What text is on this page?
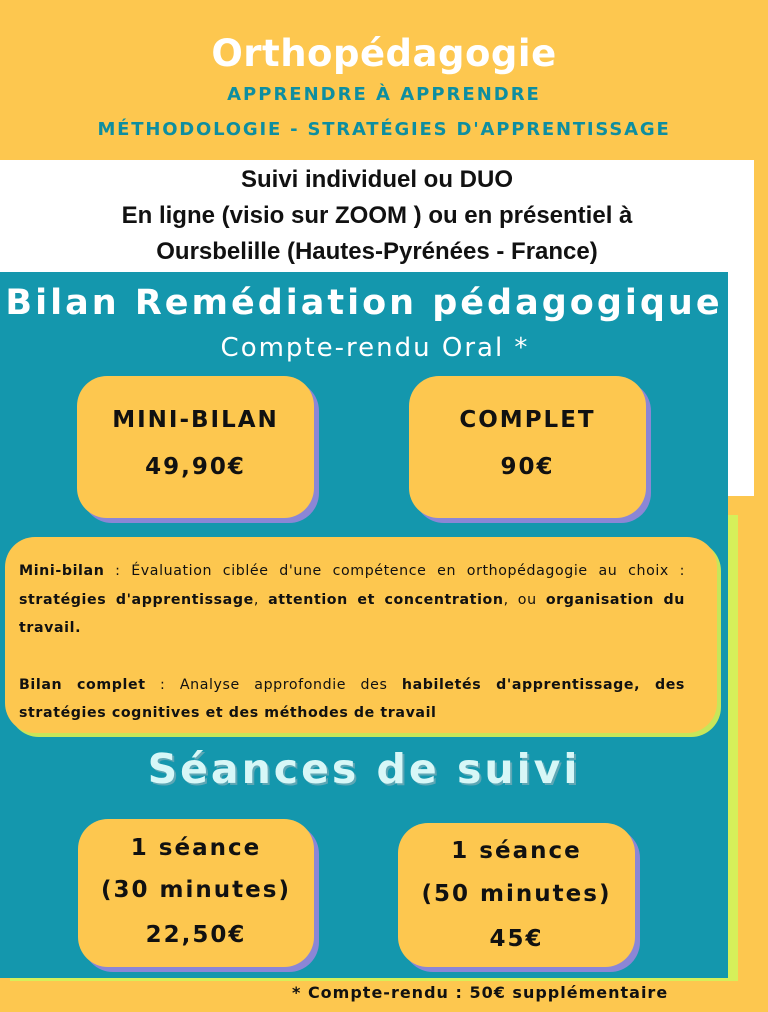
Orthopédagogie
APPRENDRE À APPRENDRE
MÉTHODOLOGIE - STRATÉGIES D'APPRENTISSAGE
Suivi individuel ou DUO
En ligne (visio sur ZOOM ) ou en présentiel à
Oursbelille (Hautes-Pyrénées - France)
Bilan Remédiation pédagogique
Compte-rendu Oral *
MINI-BILAN
49,90€
COMPLET
90€

Mini-bilan : Évaluation ciblée d'une compétence en orthopédagogie au choix : stratégies d'apprentissage, attention et concentration, ou organisation du travail.

Bilan complet : Analyse approfondie des habiletés d'apprentissage, des stratégies cognitives et des méthodes de travail

Séances de suivi
1 séance
(30 minutes)
22,50€
1 séance
(50 minutes)
45€
* Compte-rendu : 50€ supplémentaire
